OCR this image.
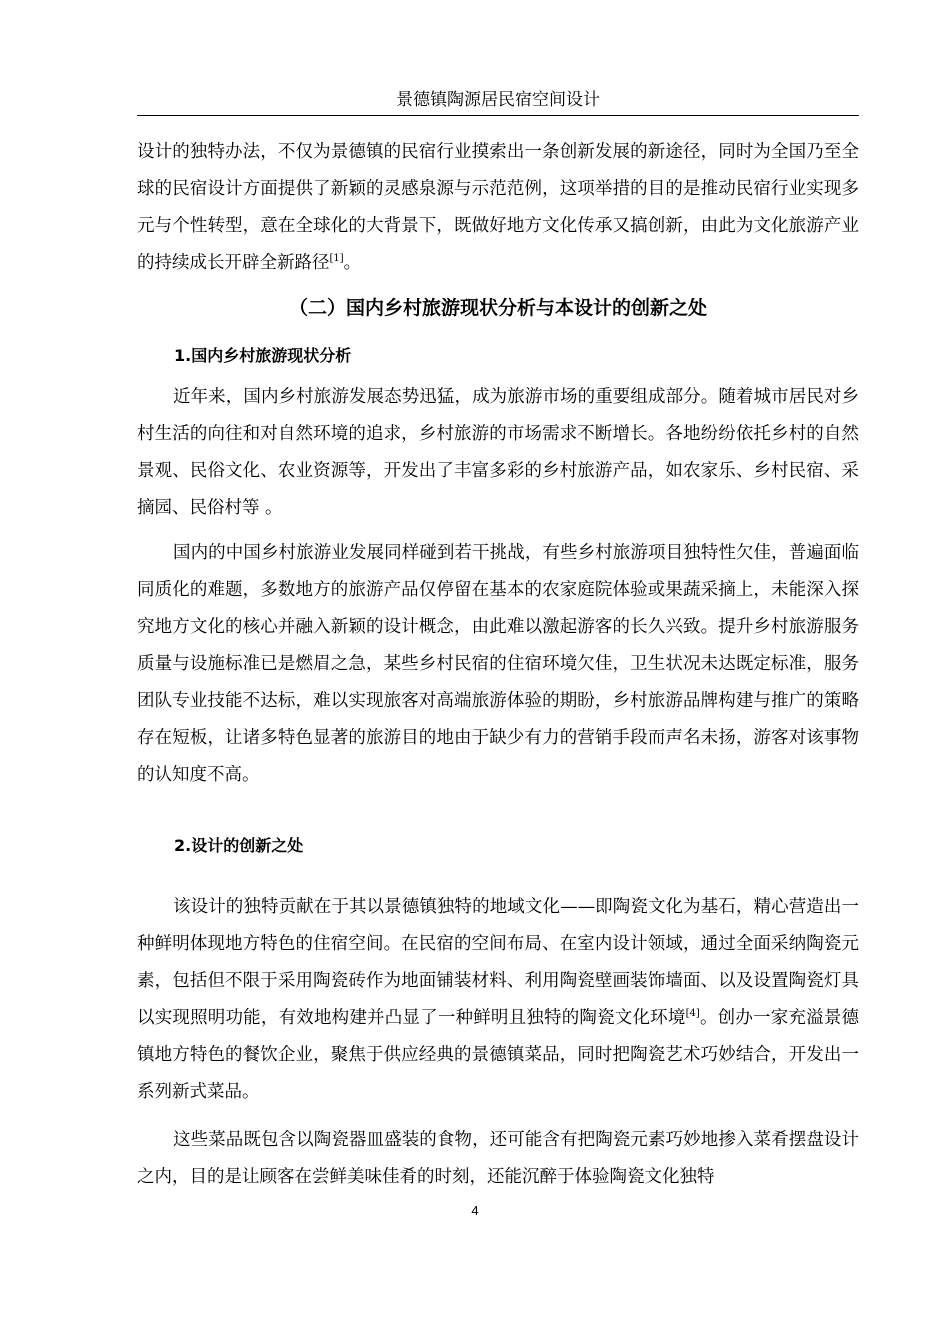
景德镇陶源居民宿空间设计

设计的独特办法，不仅为景德镇的民宿行业摸索出一条创新发展的新途径，同时为全国乃至全球的民宿设计方面提供了新颖的灵感泉源与示范范例，这项举措的目的是推动民宿行业实现多元与个性转型，意在全球化的大背景下，既做好地方文化传承又搞创新，由此为文化旅游产业的持续成长开辟全新路径[1]。

（二）国内乡村旅游现状分析与本设计的创新之处
1.国内乡村旅游现状分析

近年来，国内乡村旅游发展态势迅猛，成为旅游市场的重要组成部分。随着城市居民对乡村生活的向往和对自然环境的追求，乡村旅游的市场需求不断增长。各地纷纷依托乡村的自然景观、民俗文化、农业资源等，开发出了丰富多彩的乡村旅游产品，如农家乐、乡村民宿、采摘园、民俗村等 。

国内的中国乡村旅游业发展同样碰到若干挑战，有些乡村旅游项目独特性欠佳，普遍面临同质化的难题，多数地方的旅游产品仅停留在基本的农家庭院体验或果蔬采摘上，未能深入探究地方文化的核心并融入新颖的设计概念，由此难以激起游客的长久兴致。提升乡村旅游服务质量与设施标准已是燃眉之急，某些乡村民宿的住宿环境欠佳，卫生状况未达既定标准，服务团队专业技能不达标，难以实现旅客对高端旅游体验的期盼，乡村旅游品牌构建与推广的策略存在短板，让诸多特色显著的旅游目的地由于缺少有力的营销手段而声名未扬，游客对该事物的认知度不高。

2.设计的创新之处

该设计的独特贡献在于其以景德镇独特的地域文化——即陶瓷文化为基石，精心营造出一种鲜明体现地方特色的住宿空间。在民宿的空间布局、在室内设计领域，通过全面采纳陶瓷元素，包括但不限于采用陶瓷砖作为地面铺装材料、利用陶瓷壁画装饰墙面、以及设置陶瓷灯具以实现照明功能，有效地构建并凸显了一种鲜明且独特的陶瓷文化环境[4]。创办一家充溢景德镇地方特色的餐饮企业，聚焦于供应经典的景德镇菜品，同时把陶瓷艺术巧妙结合，开发出一系列新式菜品。

这些菜品既包含以陶瓷器皿盛装的食物，还可能含有把陶瓷元素巧妙地掺入菜肴摆盘设计之内，目的是让顾客在尝鲜美味佳肴的时刻，还能沉醉于体验陶瓷文化独特

4
